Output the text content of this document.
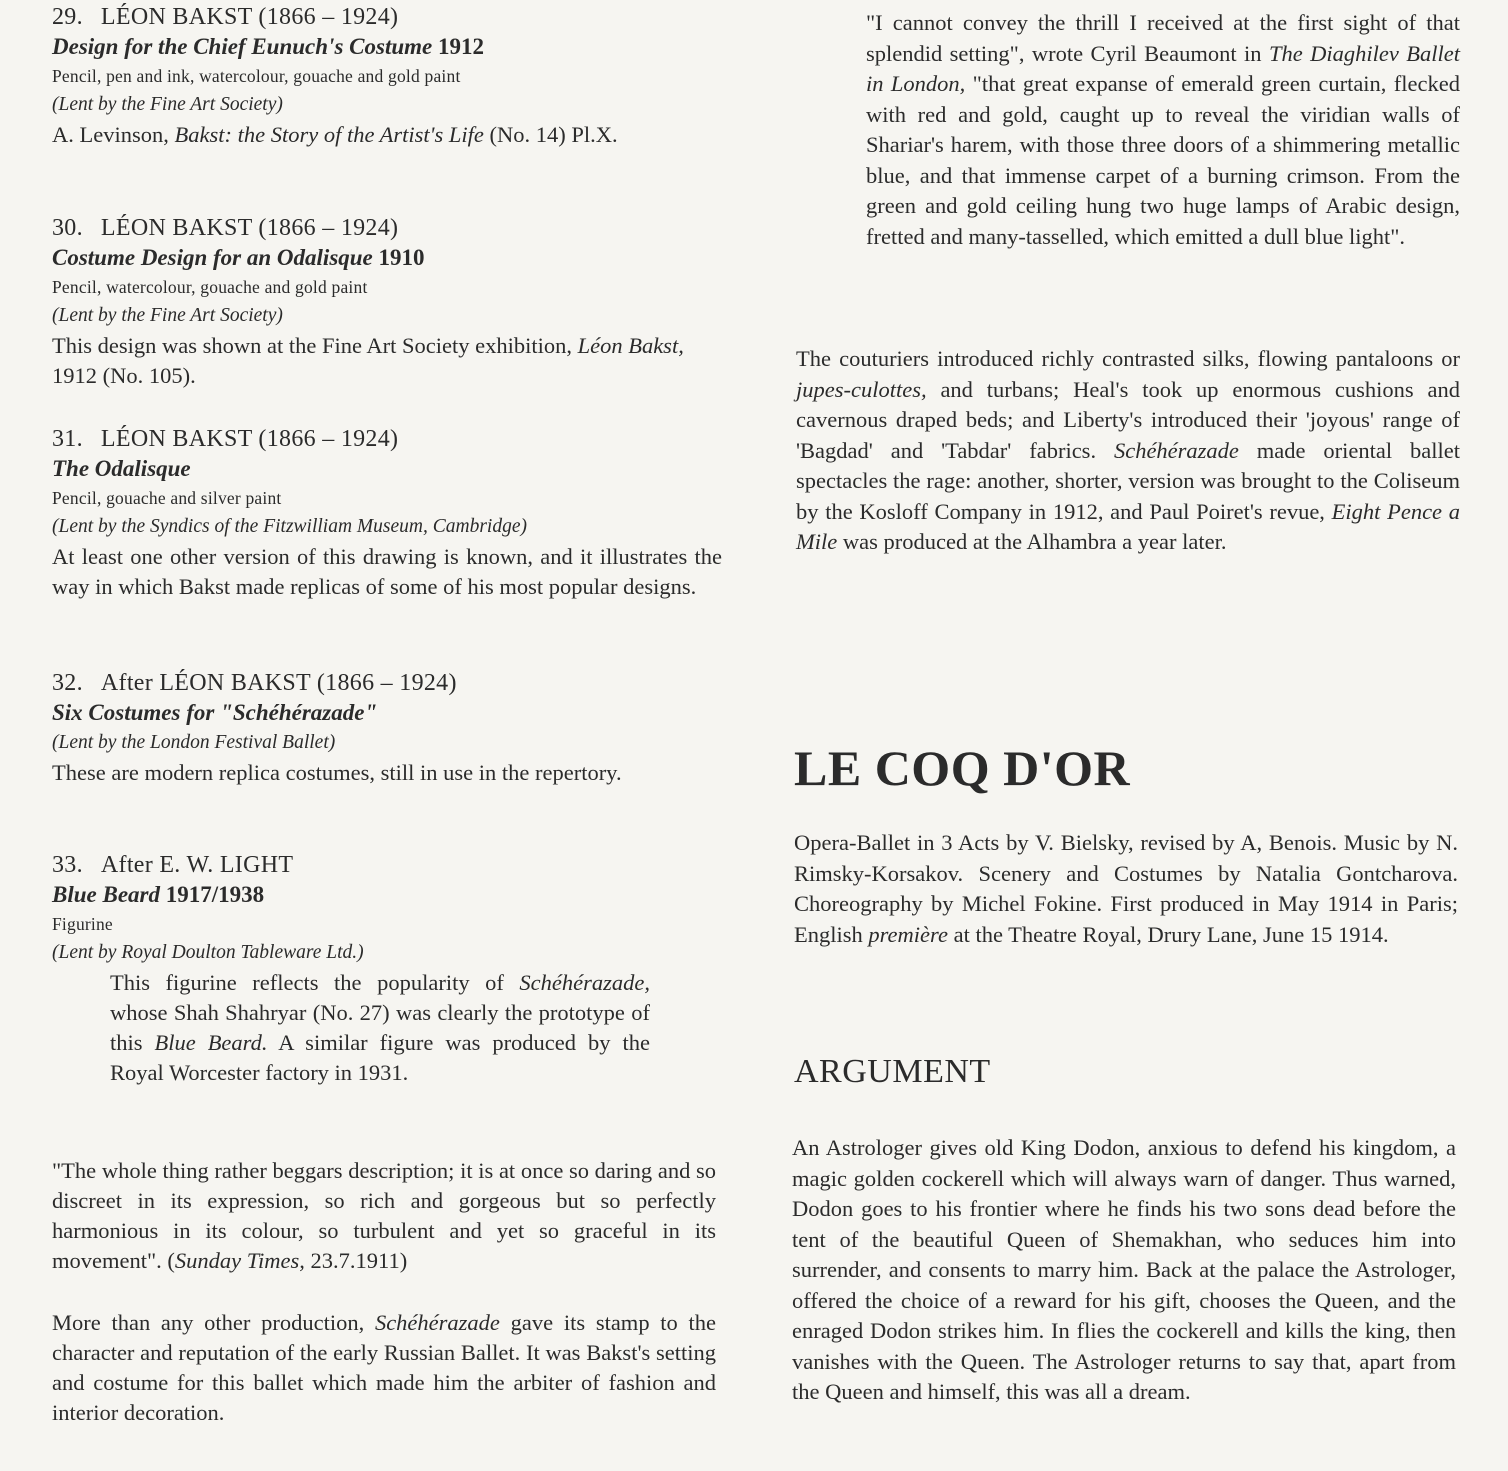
29. LÉON BAKST (1866 – 1924)
Design for the Chief Eunuch's Costume 1912
Pencil, pen and ink, watercolour, gouache and gold paint
(Lent by the Fine Art Society)
A. Levinson, Bakst: the Story of the Artist's Life (No. 14) Pl.X.
30. LÉON BAKST (1866 – 1924)
Costume Design for an Odalisque 1910
Pencil, watercolour, gouache and gold paint
(Lent by the Fine Art Society)
This design was shown at the Fine Art Society exhibition, Léon Bakst, 1912 (No. 105).
31. LÉON BAKST (1866 – 1924)
The Odalisque
Pencil, gouache and silver paint
(Lent by the Syndics of the Fitzwilliam Museum, Cambridge)
At least one other version of this drawing is known, and it illustrates the way in which Bakst made replicas of some of his most popular designs.
32. After LÉON BAKST (1866 – 1924)
Six Costumes for "Schéhérazade"
(Lent by the London Festival Ballet)
These are modern replica costumes, still in use in the repertory.
33. After E. W. LIGHT
Blue Beard 1917/1938
Figurine
(Lent by Royal Doulton Tableware Ltd.)
This figurine reflects the popularity of Schéhérazade, whose Shah Shahryar (No. 27) was clearly the prototype of this Blue Beard. A similar figure was produced by the Royal Worcester factory in 1931.
"The whole thing rather beggars description; it is at once so daring and so discreet in its expression, so rich and gorgeous but so perfectly harmonious in its colour, so turbulent and yet so graceful in its movement". (Sunday Times, 23.7.1911)
More than any other production, Schéhérazade gave its stamp to the character and reputation of the early Russian Ballet. It was Bakst's setting and costume for this ballet which made him the arbiter of fashion and interior decoration.
"I cannot convey the thrill I received at the first sight of that splendid setting", wrote Cyril Beaumont in The Diaghilev Ballet in London, "that great expanse of emerald green curtain, flecked with red and gold, caught up to reveal the viridian walls of Shariar's harem, with those three doors of a shimmering metallic blue, and that immense carpet of a burning crimson. From the green and gold ceiling hung two huge lamps of Arabic design, fretted and many-tasselled, which emitted a dull blue light".
The couturiers introduced richly contrasted silks, flowing pantaloons or jupes-culottes, and turbans; Heal's took up enormous cushions and cavernous draped beds; and Liberty's introduced their 'joyous' range of 'Bagdad' and 'Tabdar' fabrics. Schéhérazade made oriental ballet spectacles the rage: another, shorter, version was brought to the Coliseum by the Kosloff Company in 1912, and Paul Poiret's revue, Eight Pence a Mile was produced at the Alhambra a year later.
LE COQ D'OR
Opera-Ballet in 3 Acts by V. Bielsky, revised by A, Benois. Music by N. Rimsky-Korsakov. Scenery and Costumes by Natalia Gontcharova. Choreography by Michel Fokine. First produced in May 1914 in Paris; English première at the Theatre Royal, Drury Lane, June 15 1914.
ARGUMENT
An Astrologer gives old King Dodon, anxious to defend his kingdom, a magic golden cockerell which will always warn of danger. Thus warned, Dodon goes to his frontier where he finds his two sons dead before the tent of the beautiful Queen of Shemakhan, who seduces him into surrender, and consents to marry him. Back at the palace the Astrologer, offered the choice of a reward for his gift, chooses the Queen, and the enraged Dodon strikes him. In flies the cockerell and kills the king, then vanishes with the Queen. The Astrologer returns to say that, apart from the Queen and himself, this was all a dream.
